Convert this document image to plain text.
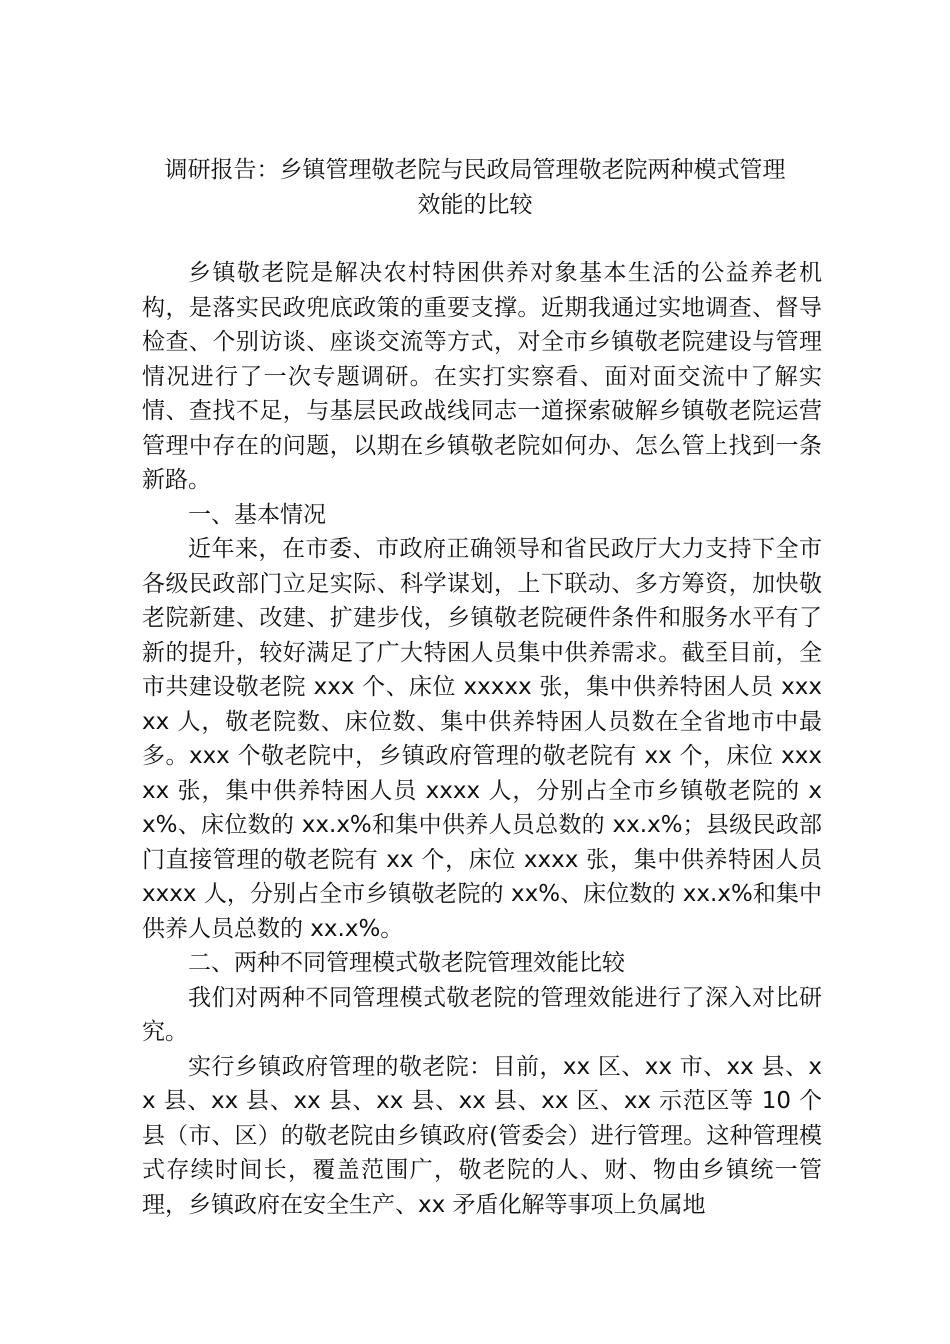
调研报告：乡镇管理敬老院与民政局管理敬老院两种模式管理
效能的比较

乡镇敬老院是解决农村特困供养对象基本生活的公益养老机构，是落实民政兜底政策的重要支撑。近期我通过实地调查、督导检查、个别访谈、座谈交流等方式，对全市乡镇敬老院建设与管理情况进行了一次专题调研。在实打实察看、面对面交流中了解实情、查找不足，与基层民政战线同志一道探索破解乡镇敬老院运营管理中存在的问题，以期在乡镇敬老院如何办、怎么管上找到一条新路。

一、基本情况

近年来，在市委、市政府正确领导和省民政厅大力支持下全市各级民政部门立足实际、科学谋划，上下联动、多方筹资，加快敬老院新建、改建、扩建步伐，乡镇敬老院硬件条件和服务水平有了新的提升，较好满足了广大特困人员集中供养需求。截至目前，全市共建设敬老院 xxx 个、床位 xxxxx 张，集中供养特困人员 xxxxx 人，敬老院数、床位数、集中供养特困人员数在全省地市中最多。xxx 个敬老院中，乡镇政府管理的敬老院有 xx 个，床位 xxxxx 张，集中供养特困人员 xxxx 人，分别占全市乡镇敬老院的 xx%、床位数的 xx.x%和集中供养人员总数的 xx.x%；县级民政部门直接管理的敬老院有 xx 个，床位 xxxx 张，集中供养特困人员 xxxx 人，分别占全市乡镇敬老院的 xx%、床位数的 xx.x%和集中供养人员总数的 xx.x%。

二、两种不同管理模式敬老院管理效能比较

我们对两种不同管理模式敬老院的管理效能进行了深入对比研究。

实行乡镇政府管理的敬老院：目前，xx 区、xx 市、xx 县、xx 县、xx 县、xx 县、xx 县、xx 县、xx 区、xx 示范区等 10 个县（市、区）的敬老院由乡镇政府(管委会）进行管理。这种管理模式存续时间长，覆盖范围广，敬老院的人、财、物由乡镇统一管理，乡镇政府在安全生产、xx 矛盾化解等事项上负属地
